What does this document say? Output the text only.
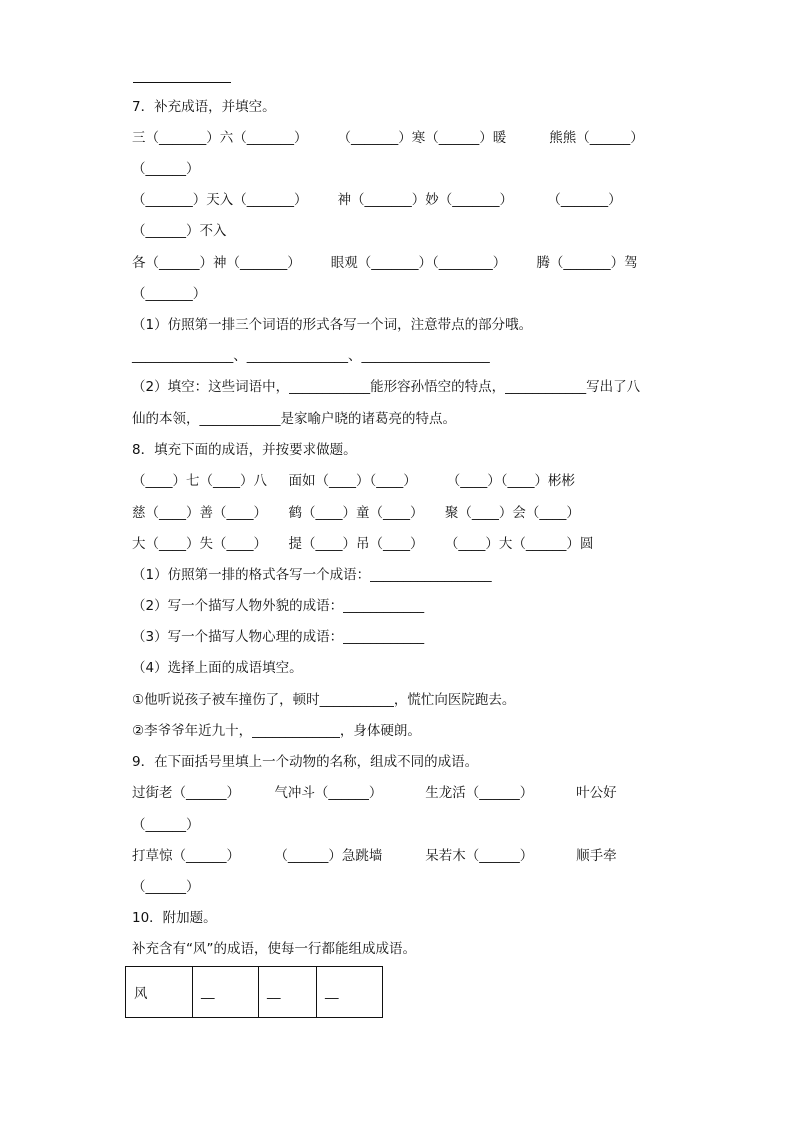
7．补充成语，并填空。
三（_______）六（_______）       （_______）寒（______）暖          熊熊（______）
（______）
（_______）天入（_______）       神（_______）妙（_______）        （_______）
（______）不入
各（______）神（_______）       眼观（_______）（________）       腾（_______）驾
（_______）
（1）仿照第一排三个词语的形式各写一个词，注意带点的部分哦。
_______________、_______________、___________________
（2）填空：这些词语中，____________能形容孙悟空的特点，____________写出了八
仙的本领，____________是家喻户晓的诸葛亮的特点。
8．填充下面的成语，并按要求做题。
（____）七（____）八     面如（____）（____）       （____）（____）彬彬
慈（____）善（____）     鹤（____）童（____）     聚（____）会（____）
大（____）失（____）     提（____）吊（____）     （____）大（______）圆
（1）仿照第一排的格式各写一个成语：__________________
（2）写一个描写人物外貌的成语：____________
（3）写一个描写人物心理的成语：____________
（4）选择上面的成语填空。
①他听说孩子被车撞伤了，顿时___________，慌忙向医院跑去。
②李爷爷年近九十，_____________，身体硬朗。
9．在下面括号里填上一个动物的名称，组成不同的成语。
过街老（______）        气冲斗（______）          生龙活（______）          叶公好
（______）
打草惊（______）        （______）急跳墙          呆若木（______）          顺手牵
（______）
10．附加题。
补充含有“风”的成语，使每一行都能组成成语。
风	__	__	__
